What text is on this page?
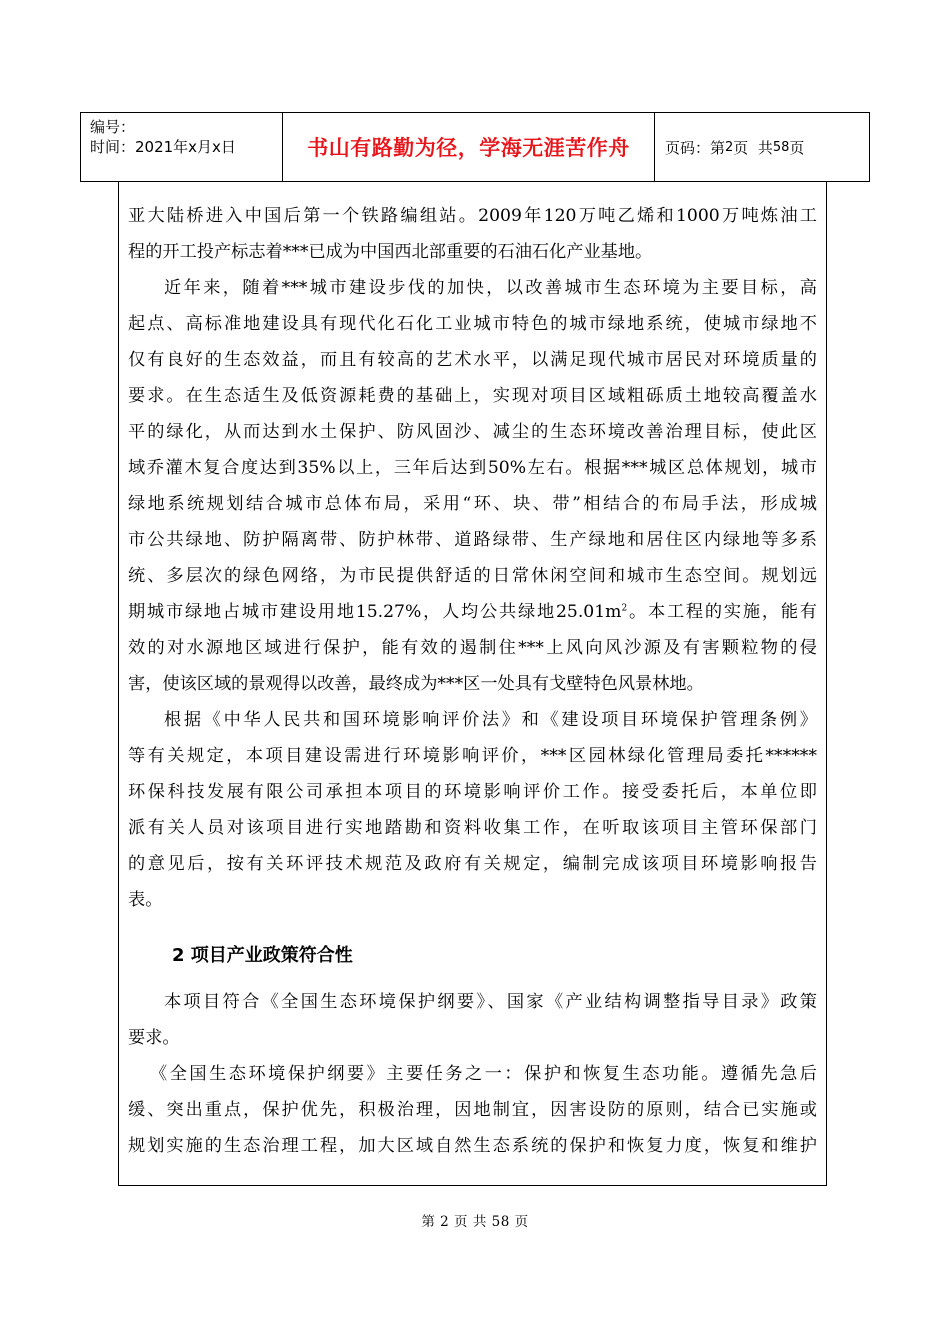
编号：
时间：2021年x月x日	书山有路勤为径，学海无涯苦作舟	页码：第 2 页  共 58 页
亚大陆桥进入中国后第一个铁路编组站。2009年120万吨乙烯和1000万吨炼油工
程的开工投产标志着***已成为中国西北部重要的石油石化产业基地。
近年来，随着***城市建设步伐的加快，以改善城市生态环境为主要目标，高
起点、高标准地建设具有现代化石化工业城市特色的城市绿地系统，使城市绿地不
仅有良好的生态效益，而且有较高的艺术水平，以满足现代城市居民对环境质量的
要求。在生态适生及低资源耗费的基础上，实现对项目区域粗砾质土地较高覆盖水
平的绿化，从而达到水土保护、防风固沙、减尘的生态环境改善治理目标，使此区
域乔灌木复合度达到35%以上，三年后达到50%左右。根据***城区总体规划，城市
绿地系统规划结合城市总体布局，采用“环、块、带”相结合的布局手法，形成城
市公共绿地、防护隔离带、防护林带、道路绿带、生产绿地和居住区内绿地等多系
统、多层次的绿色网络，为市民提供舒适的日常休闲空间和城市生态空间。规划远
期城市绿地占城市建设用地15.27%，人均公共绿地$25.01m^2$。本工程的实施，能有
效的对水源地区域进行保护，能有效的遏制住***上风向风沙源及有害颗粒物的侵
害，使该区域的景观得以改善，最终成为***区一处具有戈壁特色风景林地。
根据《中华人民共和国环境影响评价法》和《建设项目环境保护管理条例》
等有关规定，本项目建设需进行环境影响评价，***区园林绿化管理局委托******
环保科技发展有限公司承担本项目的环境影响评价工作。接受委托后，本单位即
派有关人员对该项目进行实地踏勘和资料收集工作，在听取该项目主管环保部门
的意见后，按有关环评技术规范及政府有关规定，编制完成该项目环境影响报告
表。
2 项目产业政策符合性
本项目符合《全国生态环境保护纲要》、国家《产业结构调整指导目录》政策
要求。
《全国生态环境保护纲要》主要任务之一：保护和恢复生态功能。遵循先急后
缓、突出重点，保护优先，积极治理，因地制宜，因害设防的原则，结合已实施或
规划实施的生态治理工程，加大区域自然生态系统的保护和恢复力度，恢复和维护
第 2 页 共 58 页
